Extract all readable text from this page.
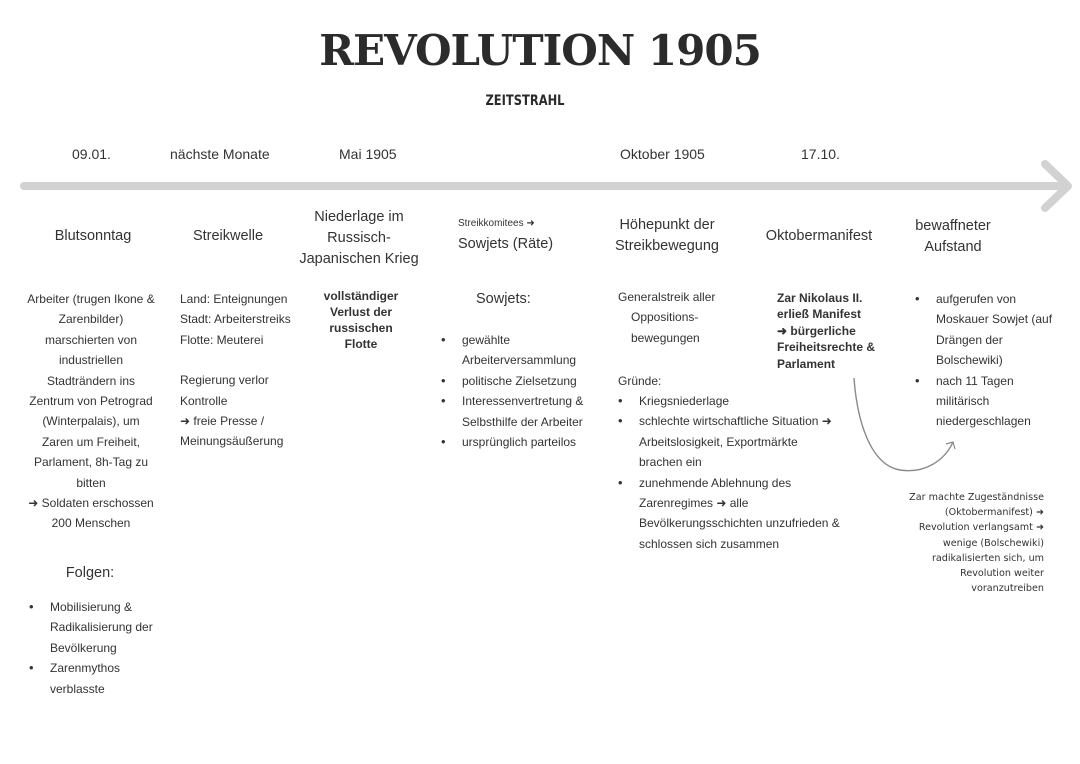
REVOLUTION 1905
ZEITSTRAHL
09.01.	nächste Monate	Mai 1905	Oktober 1905	17.10.
Blutsonntag
Arbeiter (trugen Ikone &
Zarenbilder)
marschierten von
industriellen
Stadträndern ins
Zentrum von Petrograd
(Winterpalais), um
Zaren um Freiheit,
Parlament, 8h-Tag zu
bitten
➜ Soldaten erschossen
200 Menschen
Folgen:
• Mobilisierung & Radikalisierung der Bevölkerung
• Zarenmythos verblasste
Streikwelle
Land: Enteignungen
Stadt: Arbeiterstreiks
Flotte: Meuterei
Regierung verlor
Kontrolle
➜ freie Presse /
Meinungsäußerung
Niederlage im
Russisch-
Japanischen Krieg
vollständiger
Verlust der
russischen
Flotte
Streikkomitees ➜
Sowjets (Räte)
Sowjets:
• gewählte Arbeiterversammlung
• politische Zielsetzung
• Interessenvertretung & Selbsthilfe der Arbeiter
• ursprünglich parteilos
Höhepunkt der
Streikbewegung
Generalstreik aller
Oppositions-
bewegungen
Gründe:
• Kriegsniederlage
• schlechte wirtschaftliche Situation ➜ Arbeitslosigkeit, Exportmärkte brachen ein
• zunehmende Ablehnung des Zarenregimes ➜ alle Bevölkerungsschichten unzufrieden & schlossen sich zusammen
Oktobermanifest
Zar Nikolaus II.
erließ Manifest
➜ bürgerliche
Freiheitsrechte &
Parlament
bewaffneter
Aufstand
• aufgerufen von Moskauer Sowjet (auf Drängen der Bolschewiki)
• nach 11 Tagen militärisch niedergeschlagen
Zar machte Zugeständnisse
(Oktobermanifest) ➜
Revolution verlangsamt ➜
wenige (Bolschewiki)
radikalisierten sich, um
Revolution weiter
voranzutreiben
